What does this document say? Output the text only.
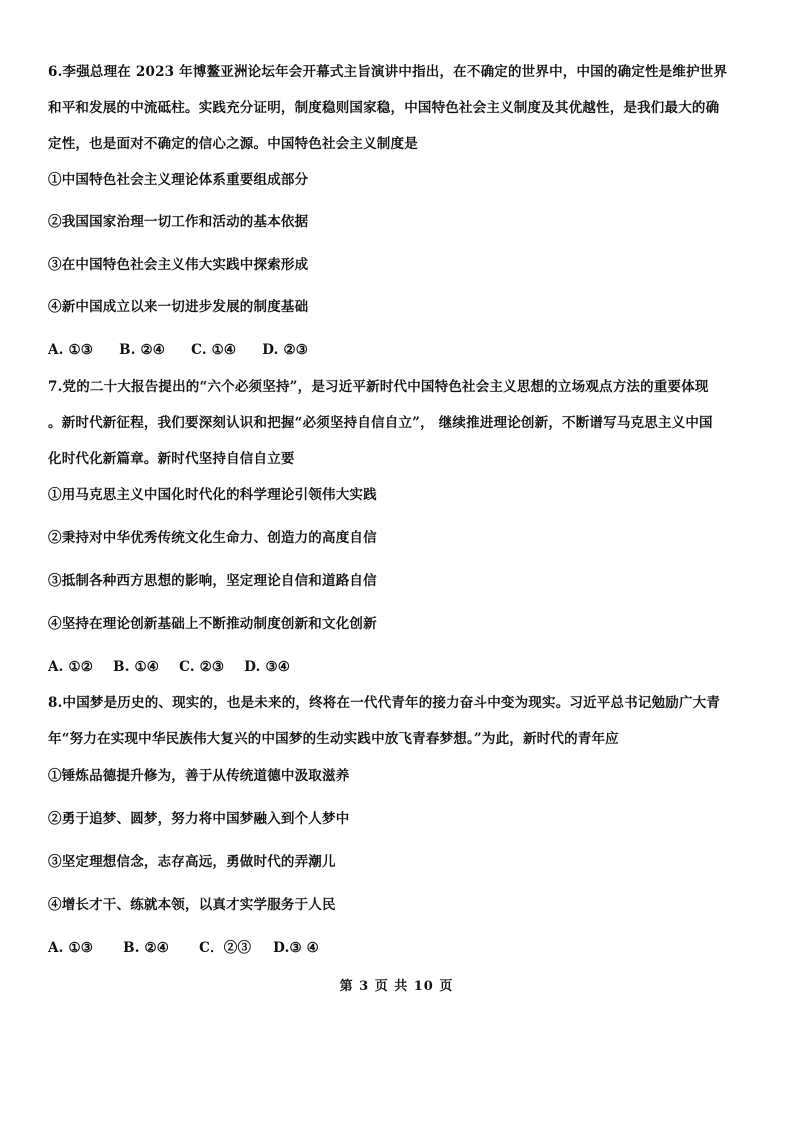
6.李强总理在 2023 年博鳌亚洲论坛年会开幕式主旨演讲中指出，在不确定的世界中，中国的确定性是维护世界
和平和发展的中流砥柱。实践充分证明，制度稳则国家稳，中国特色社会主义制度及其优越性，是我们最大的确
定性，也是面对不确定的信心之源。中国特色社会主义制度是
①中国特色社会主义理论体系重要组成部分
②我国国家治理一切工作和活动的基本依据
③在中国特色社会主义伟大实践中探索形成
④新中国成立以来一切进步发展的制度基础
A. ①③ B. ②④ C. ①④ D. ②③
7.党的二十大报告提出的“六个必须坚持”，是习近平新时代中国特色社会主义思想的立场观点方法的重要体现
。新时代新征程，我们要深刻认识和把握“必须坚持自信自立”， 继续推进理论创新，不断谱写马克思主义中国
化时代化新篇章。新时代坚持自信自立要
①用马克思主义中国化时代化的科学理论引领伟大实践
②秉持对中华优秀传统文化生命力、创造力的高度自信
③抵制各种西方思想的影响，坚定理论自信和道路自信
④坚持在理论创新基础上不断推动制度创新和文化创新
A. ①② B. ①④ C. ②③ D. ③④
8.中国梦是历史的、现实的，也是未来的，终将在一代代青年的接力奋斗中变为现实。习近平总书记勉励广大青
年“努力在实现中华民族伟大复兴的中国梦的生动实践中放飞青春梦想。”为此，新时代的青年应
①锤炼品德提升修为，善于从传统道德中汲取滋养
②勇于追梦、圆梦，努力将中国梦融入到个人梦中
③坚定理想信念，志存高远，勇做时代的弄潮儿
④增长才干、练就本领，以真才实学服务于人民
A. ①③ B. ②④ C．②③ D.③ ④
第 3 页 共 10 页
